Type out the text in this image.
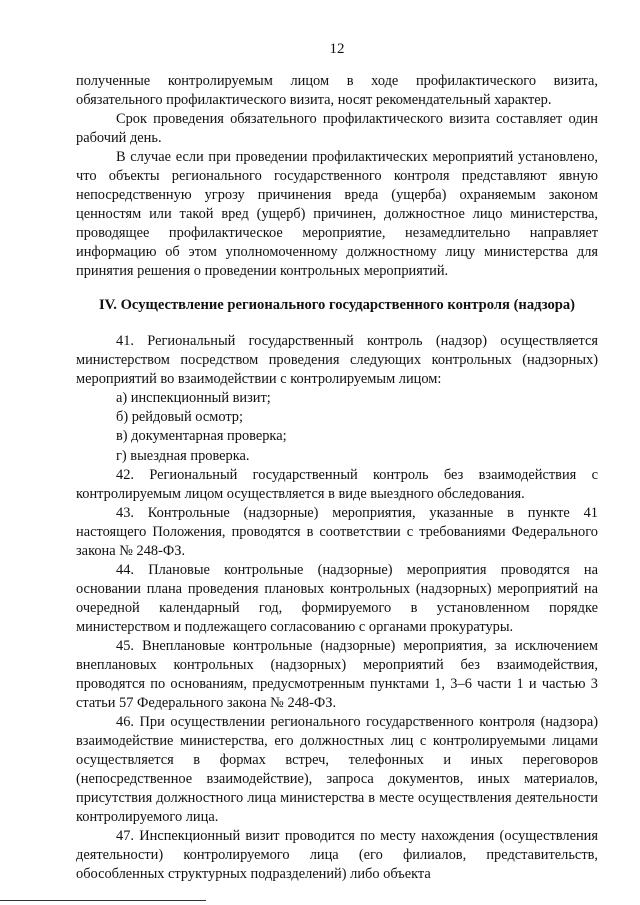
12

полученные контролируемым лицом в ходе профилактического визита, обязательного профилактического визита, носят рекомендательный характер.

Срок проведения обязательного профилактического визита составляет один рабочий день.

В случае если при проведении профилактических мероприятий установлено, что объекты регионального государственного контроля представляют явную непосредственную угрозу причинения вреда (ущерба) охраняемым законом ценностям или такой вред (ущерб) причинен, должностное лицо министерства, проводящее профилактическое мероприятие, незамедлительно направляет информацию об этом уполномоченному должностному лицу министерства для принятия решения о проведении контрольных мероприятий.

IV. Осуществление регионального государственного контроля (надзора)

41. Региональный государственный контроль (надзор) осуществляется министерством посредством проведения следующих контрольных (надзорных) мероприятий во взаимодействии с контролируемым лицом:

а) инспекционный визит;
б) рейдовый осмотр;
в) документарная проверка;
г) выездная проверка.

42. Региональный государственный контроль без взаимодействия с контролируемым лицом осуществляется в виде выездного обследования.

43. Контрольные (надзорные) мероприятия, указанные в пункте 41 настоящего Положения, проводятся в соответствии с требованиями Федерального закона № 248-ФЗ.

44. Плановые контрольные (надзорные) мероприятия проводятся на основании плана проведения плановых контрольных (надзорных) мероприятий на очередной календарный год, формируемого в установленном порядке министерством и подлежащего согласованию с органами прокуратуры.

45. Внеплановые контрольные (надзорные) мероприятия, за исключением внеплановых контрольных (надзорных) мероприятий без взаимодействия, проводятся по основаниям, предусмотренным пунктами 1, 3–6 части 1 и частью 3 статьи 57 Федерального закона № 248-ФЗ.

46. При осуществлении регионального государственного контроля (надзора) взаимодействие министерства, его должностных лиц с контролируемыми лицами осуществляется в формах встреч, телефонных и иных переговоров (непосредственное взаимодействие), запроса документов, иных материалов, присутствия должностного лица министерства в месте осуществления деятельности контролируемого лица.

47. Инспекционный визит проводится по месту нахождения (осуществления деятельности) контролируемого лица (его филиалов, представительств, обособленных структурных подразделений) либо объекта
